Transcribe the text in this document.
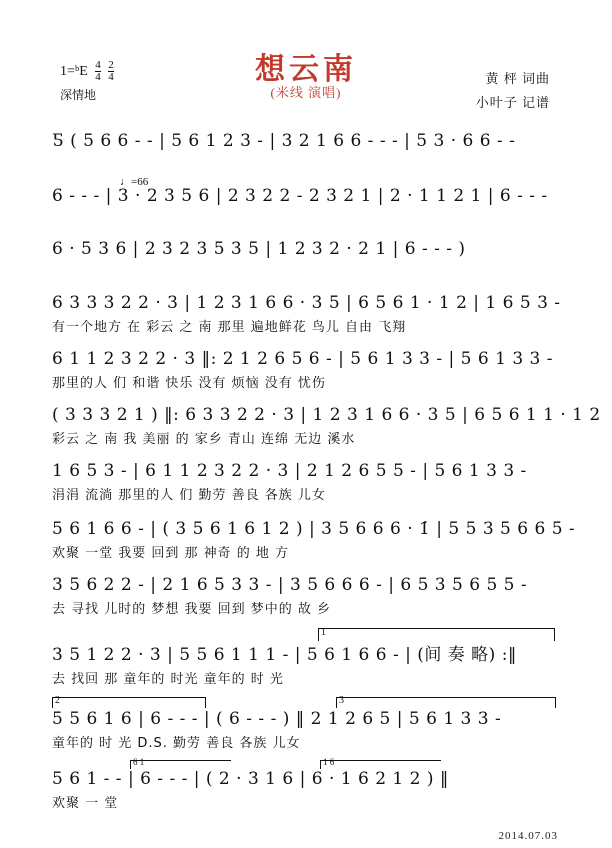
1=ᵇE $\frac{4}{4}$
$\frac{2}{4}$
深情地
想云南
(米线 演唱)
黄 枰 词曲
小叶子 记谱
♩=66
Ƽ ( 5 6 6 - - | 5 6 1 2 3 - | 3 2 1 6 6 - - - | 5 3 · 6 6 - -
6 - - - | 3 · 2 3 5 6 | 2 3 2 2 - 2 3 2 1 | 2 · 1 1 2 1 | 6 - - -
6 · 5 3 6 | 2 3 2 3 5 3 5 | 1 2 3 2 · 2 1 | 6 - - - )
6 3 3 3 2 2 · 3 | 1 2 3 1 6 6 · 3 5 | 6 5 6 1 · 1 2 | 1 6 5 3 -
有一个地方 在 彩云 之 南 那里 遍地鲜花 鸟儿 自由 飞翔
6 1 1 2 3 2 2 · 3 ‖: 2 1 2 6 5 6 - | 5 6 1 3 3 - | 5 6 1 3 3 -
那里的人 们 和谐 快乐 没有 烦恼 没有 忧伤
( 3 3 3 2 1 ) ‖: 6 3 3 2 2 · 3 | 1 2 3 1 6 6 · 3 5 | 6 5 6 1 1 · 1 2
彩云 之 南 我 美丽 的 家乡 青山 连绵 无边 溪水
1 6 5 3 - | 6 1 1 2 3 2 2 · 3 | 2 1 2 6 5 5 - | 5 6 1 3 3 -
涓涓 流淌 那里的人 们 勤劳 善良 各族 儿女
5 6 1 6 6 - | ( 3 5 6 1 6 1 2 ) | 3 5 6 6 6 · 1̇ | 5 5 3 5 6 6 5 -
欢聚 一堂 我要 回到 那 神奇 的 地 方
3 5 6 2 2 - | 2 1 6 5 3 3 - | 3 5 6 6 6 - | 6 5 3 5 6 5 5 -
去 寻找 儿时的 梦想 我要 回到 梦中的 故 乡
3 5 1 2 2 · 3 | 5 5 6 1 1 1 - | 5 6 1 6 6 - | (间 奏 略) :‖
去 找回 那 童年的 时光 童年的 时 光
5 5 6 1 6 | 6 - - - | ( 6 - - - ) ‖ 2 1 2 6 5 | 5 6 1 3 3 -
童年的 时 光 D.S. 勤劳 善良 各族 儿女
5 6 1 - - | 6 - - - | ( 2 · 3 1 6 | 6 · 1 6 2 1 2 ) ‖
欢聚 一 堂
1
2	3
6 1	1 6
2014.07.03
